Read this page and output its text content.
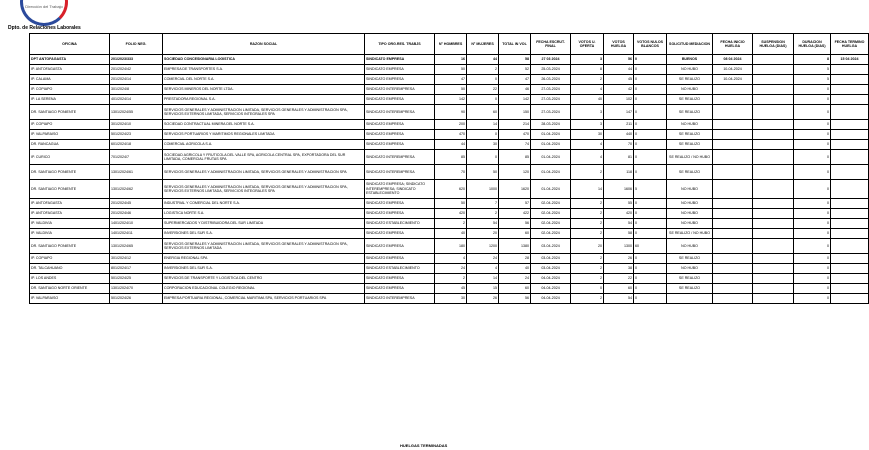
Dirección del Trabajo
Dpto. de Relaciones Laborales
OFICINA	FOLIO NEG.	RAZON SOCIAL	TIPO ORG.RES. TRABJS	N° HOMBRES	N° MUJERES	TOTAL IN VOL	FECHA ESCRUT. FINAL	VOTOS U. OFERTA	VOTOS HUELGA	VOTOS NULOS BLANCOS	SOLICITUD MEDIACION	FECHA INICIO HUELGA	SUSPENSION HUELGA (DIAS)	DURACION HUELGA (DIAS)	FECHA TERMINO HUELGA
DPT ANTOFAGASTA	201/2023/333	SOCIEDAD CONCESIONARIA LOGISTICA	SINDICATO EMPRESA	16	44	58	27 03 2024	3	56	0	BUENOS	08 04 2024		8	15 04 2024
IP. ANTOFAGASTA	201/2024/42	EMPRESA DE TRANSPORTES S.A.	SINDICATO EMPRESA	50	2	52	25-03-2024	8	44	0	NO HUBO	10-04-2024		5	
IP. CALAMA	201/2024/14	COMERCIAL DEL NORTE S.A.	SINDICATO EMPRESA	47	0	47	26-03-2024	2	45	0	SE REALIZO	10-04-2024		5	
IP. COPIAPO	301/2024/8	SERVICIOS MINEROS DEL NORTE LTDA.	SINDICATO INTEREMPRESA	50	22	46	27-03-2024	4	42	0	NO HUBO			0	
IP. LA SERENA	401/2024/14	PRESTADORA REGIONAL S.A.	SINDICATO EMPRESA	142	0	142	27-03-2024	40	102	0	SE REALIZO			0	
DR. SANTIAGO PONIENTE	1301/2024/55	SERVICIOS GENERALES Y ADMINISTRACION LIMITADA, SERVICIOS GENERALES Y ADMINISTRACION SPA, SERVICIOS EXTERNOS LIMITADA, SERVICIOS INTEGRALES SPA	SINDICATO INTEREMPRESA	90	60	150	27-03-2024	3	147	0	SE REALIZO			0	
IP. COPIAPO	301/2024/10	SOCIEDAD CONTRACTUAL MINERA DEL NORTE S.A.	SINDICATO EMPRESA	200	14	214	28-03-2024	3	211	0	NO HUBO			0	
IP. VALPARAISO	501/2024/23	SERVICIOS PORTUARIOS Y MARITIMOS REGIONALES LIMITADA	SINDICATO EMPRESA	470	0	470	01-04-2024	30	440	0	SE REALIZO			0	
DR. RANCAGUA	601/2024/18	COMERCIAL AGRICOLA S.A.	SINDICATO EMPRESA	44	30	74	01-04-2024	4	70	0	SE REALIZO			0	
IP. CURICO	701/2024/7	SOCIEDAD AGRICOLA Y FRUTICOLA DEL VALLE SPA, AGRICOLA CENTRAL SPA, EXPORTADORA DEL SUR LIMITADA, COMERCIAL FRUTAS SPA	SINDICATO INTEREMPRESA	85	0	85	01-04-2024	4	81	0	SE REALIZO / NO HUBO			0	
DR. SANTIAGO PONIENTE	1301/2024/61	SERVICIOS GENERALES Y ADMINISTRACION LIMITADA, SERVICIOS GENERALES Y ADMINISTRACION SPA	SINDICATO INTEREMPRESA	70	50	120	01-04-2024	2	118	0	SE REALIZO			0	
DR. SANTIAGO PONIENTE	1301/2024/62	SERVICIOS GENERALES Y ADMINISTRACION LIMITADA, SERVICIOS GENERALES Y ADMINISTRACION SPA, SERVICIOS EXTERNOS LIMITADA, SERVICIOS INTEGRALES SPA	SINDICATO EMPRESA; SINDICATO INTEREMPRESA; SINDICATO ESTABLECIMIENTO	620	1000	1620	01-04-2024	14	1606	5	NO HUBO			0	
IP. ANTOFAGASTA	201/2024/45	INDUSTRIAL Y COMERCIAL DEL NORTE S.A.	SINDICATO EMPRESA	50	7	57	02-04-2024	2	55	0	NO HUBO			0	
IP. ANTOFAGASTA	201/2024/46	LOGISTICA NORTE S.A.	SINDICATO EMPRESA	420	2	422	02-04-2024	2	420	0	NO HUBO			0	
IP. VALDIVIA	1401/2024/10	SUPERMERCADOS Y DISTRIBUIDORA DEL SUR LIMITADA	SINDICATO ESTABLECIMIENTO	2	54	56	02-04-2024	2	54	0	NO HUBO			0	
IP. VALDIVIA	1401/2024/11	INVERSIONES DEL SUR S.A.	SINDICATO EMPRESA	40	20	60	02-04-2024	2	58	0	SE REALIZO / NO HUBO			0	
DR. SANTIAGO PONIENTE	1301/2024/65	SERVICIOS GENERALES Y ADMINISTRACION LIMITADA, SERVICIOS GENERALES Y ADMINISTRACION SPA, SERVICIOS EXTERNOS LIMITADA	SINDICATO EMPRESA	180	1200	1380	03-04-2024	20	1300	60	NO HUBO			0	
IP. COPIAPO	301/2024/12	ENERGIA REGIONAL SPA	SINDICATO EMPRESA	4	24	28	03-04-2024	2	26	0	SE REALIZO			0	
DR. TALCAHUANO	801/2024/17	INVERSIONES DEL SUR S.A.	SINDICATO ESTABLECIMIENTO	24	4	40	03-04-2024	2	38	0	NO HUBO			0	
IP. LOS ANDES	501/2024/25	SERVICIOS DE TRANSPORTE Y LOGISTICA DEL CENTRO	SINDICATO EMPRESA	2	14	24	04-04-2024	2	22	0	SE REALIZO			0	
DR. SANTIAGO NORTE ORIENTE	1301/2024/70	CORPORACION EDUCACIONAL COLEGIO REGIONAL	SINDICATO EMPRESA	45	15	60	04-04-2024	0	60	0	SE REALIZO			0	
IP. VALPARAISO	501/2024/26	EMPRESA PORTUARIA REGIONAL, COMERCIAL MARITIMA SPA, SERVICIOS PORTUARIOS SPA	SINDICATO INTEREMPRESA	30	26	56	04-04-2024	2	54	0				0	
HUELGAS TERMINADAS
